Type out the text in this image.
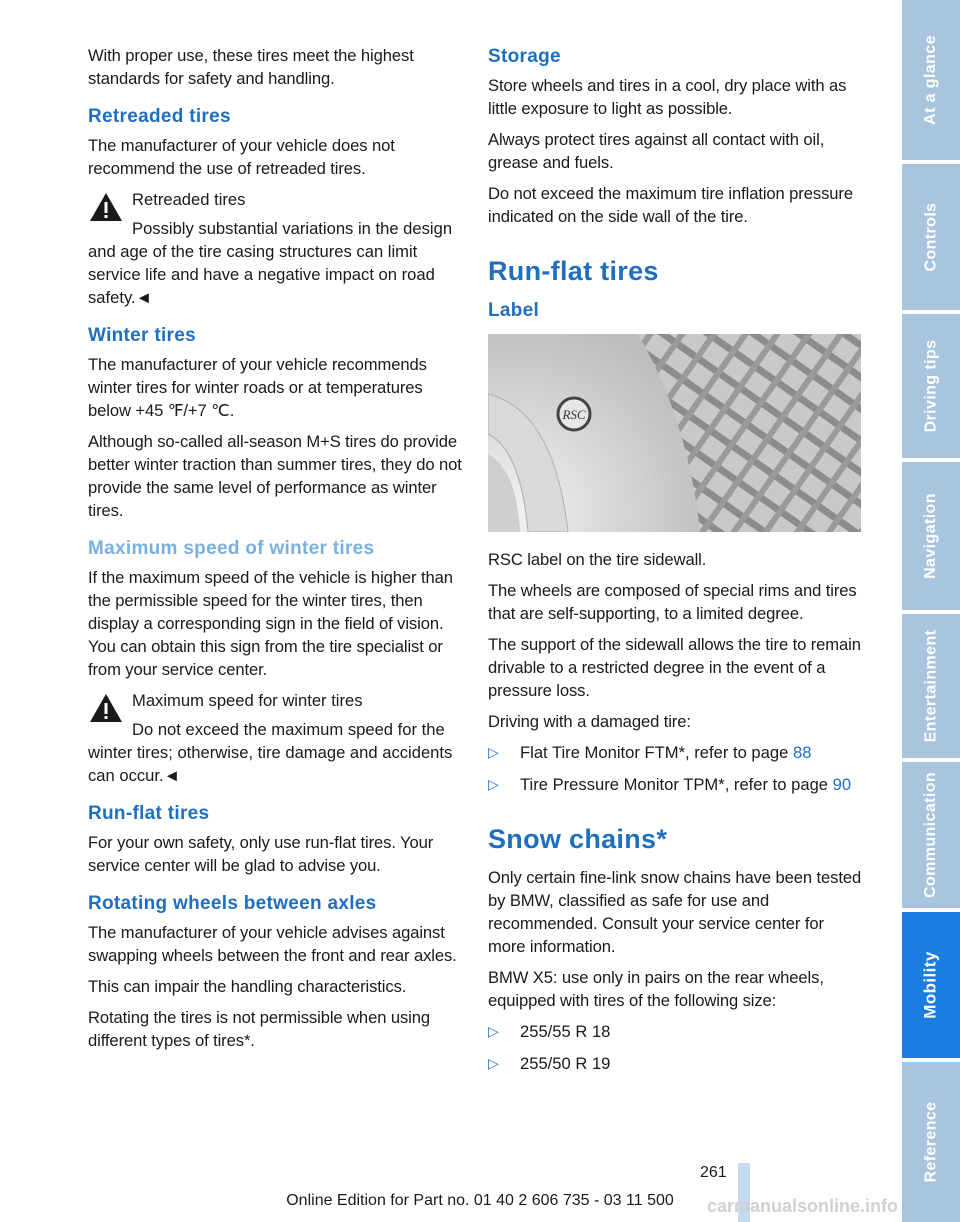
With proper use, these tires meet the highest standards for safety and handling.

Retreaded tires

The manufacturer of your vehicle does not recommend the use of retreaded tires.

Retreaded tires

Possibly substantial variations in the design and age of the tire casing structures can limit service life and have a negative impact on road safety.◄

Winter tires

The manufacturer of your vehicle recommends winter tires for winter roads or at temperatures below +45 ℉/+7 ℃.

Although so-called all-season M+S tires do provide better winter traction than summer tires, they do not provide the same level of performance as winter tires.

Maximum speed of winter tires

If the maximum speed of the vehicle is higher than the permissible speed for the winter tires, then display a corresponding sign in the field of vision. You can obtain this sign from the tire specialist or from your service center.

Maximum speed for winter tires

Do not exceed the maximum speed for the winter tires; otherwise, tire damage and accidents can occur.◄

Run-flat tires

For your own safety, only use run-flat tires. Your service center will be glad to advise you.

Rotating wheels between axles

The manufacturer of your vehicle advises against swapping wheels between the front and rear axles.

This can impair the handling characteristics.

Rotating the tires is not permissible when using different types of tires*.

Storage

Store wheels and tires in a cool, dry place with as little exposure to light as possible.

Always protect tires against all contact with oil, grease and fuels.

Do not exceed the maximum tire inflation pressure indicated on the side wall of the tire.

Run-flat tires
Label
RSC

RSC label on the tire sidewall.

The wheels are composed of special rims and tires that are self-supporting, to a limited degree.

The support of the sidewall allows the tire to remain drivable to a restricted degree in the event of a pressure loss.

Driving with a damaged tire:

▷ Flat Tire Monitor FTM*, refer to page 88
▷ Tire Pressure Monitor TPM*, refer to page 90
Snow chains*

Only certain fine-link snow chains have been tested by BMW, classified as safe for use and recommended. Consult your service center for more information.

BMW X5: use only in pairs on the rear wheels, equipped with tires of the following size:

▷ 255/55 R 18
▷ 255/50 R 19
At a glance
Controls
Driving tips
Navigation
Entertainment
Communication
Mobility
Reference
261
Online Edition for Part no. 01 40 2 606 735 - 03 11 500	carmanualsonline.info
